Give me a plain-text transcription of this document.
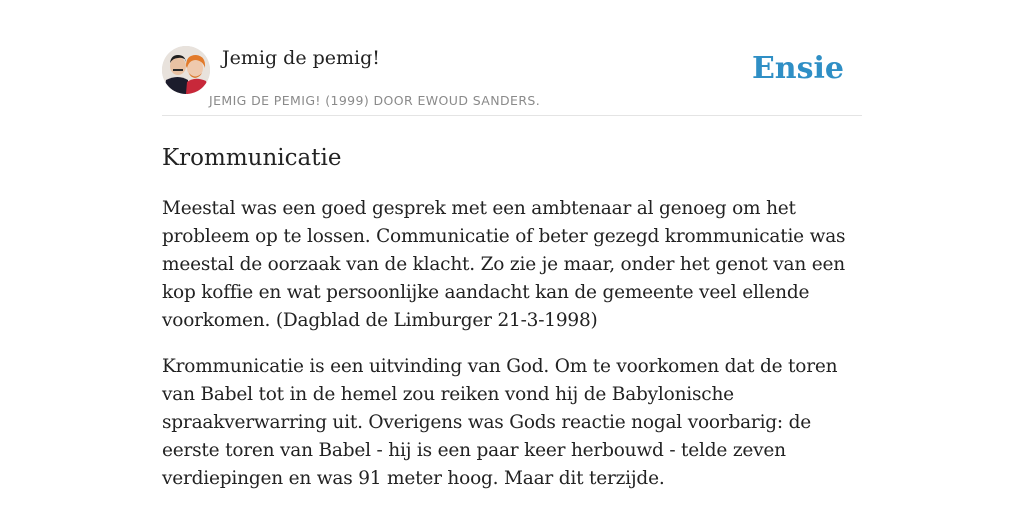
Jemig de pemig!
JEMIG DE PEMIG! (1999) DOOR EWOUD SANDERS.
Ensie
Krommunicatie

Meestal was een goed gesprek met een ambtenaar al genoeg om het probleem op te lossen. Communicatie of beter gezegd krommunicatie was meestal de oorzaak van de klacht. Zo zie je maar, onder het genot van een kop koffie en wat persoonlijke aandacht kan de gemeente veel ellende voorkomen. (Dagblad de Limburger 21-3-1998)

Krommunicatie is een uitvinding van God. Om te voorkomen dat de toren van Babel tot in de hemel zou reiken vond hij de Babylonische spraakverwarring uit. Overigens was Gods reactie nogal voorbarig: de eerste toren van Babel - hij is een paar keer herbouwd - telde zeven verdiepingen en was 91 meter hoog. Maar dit terzijde.
